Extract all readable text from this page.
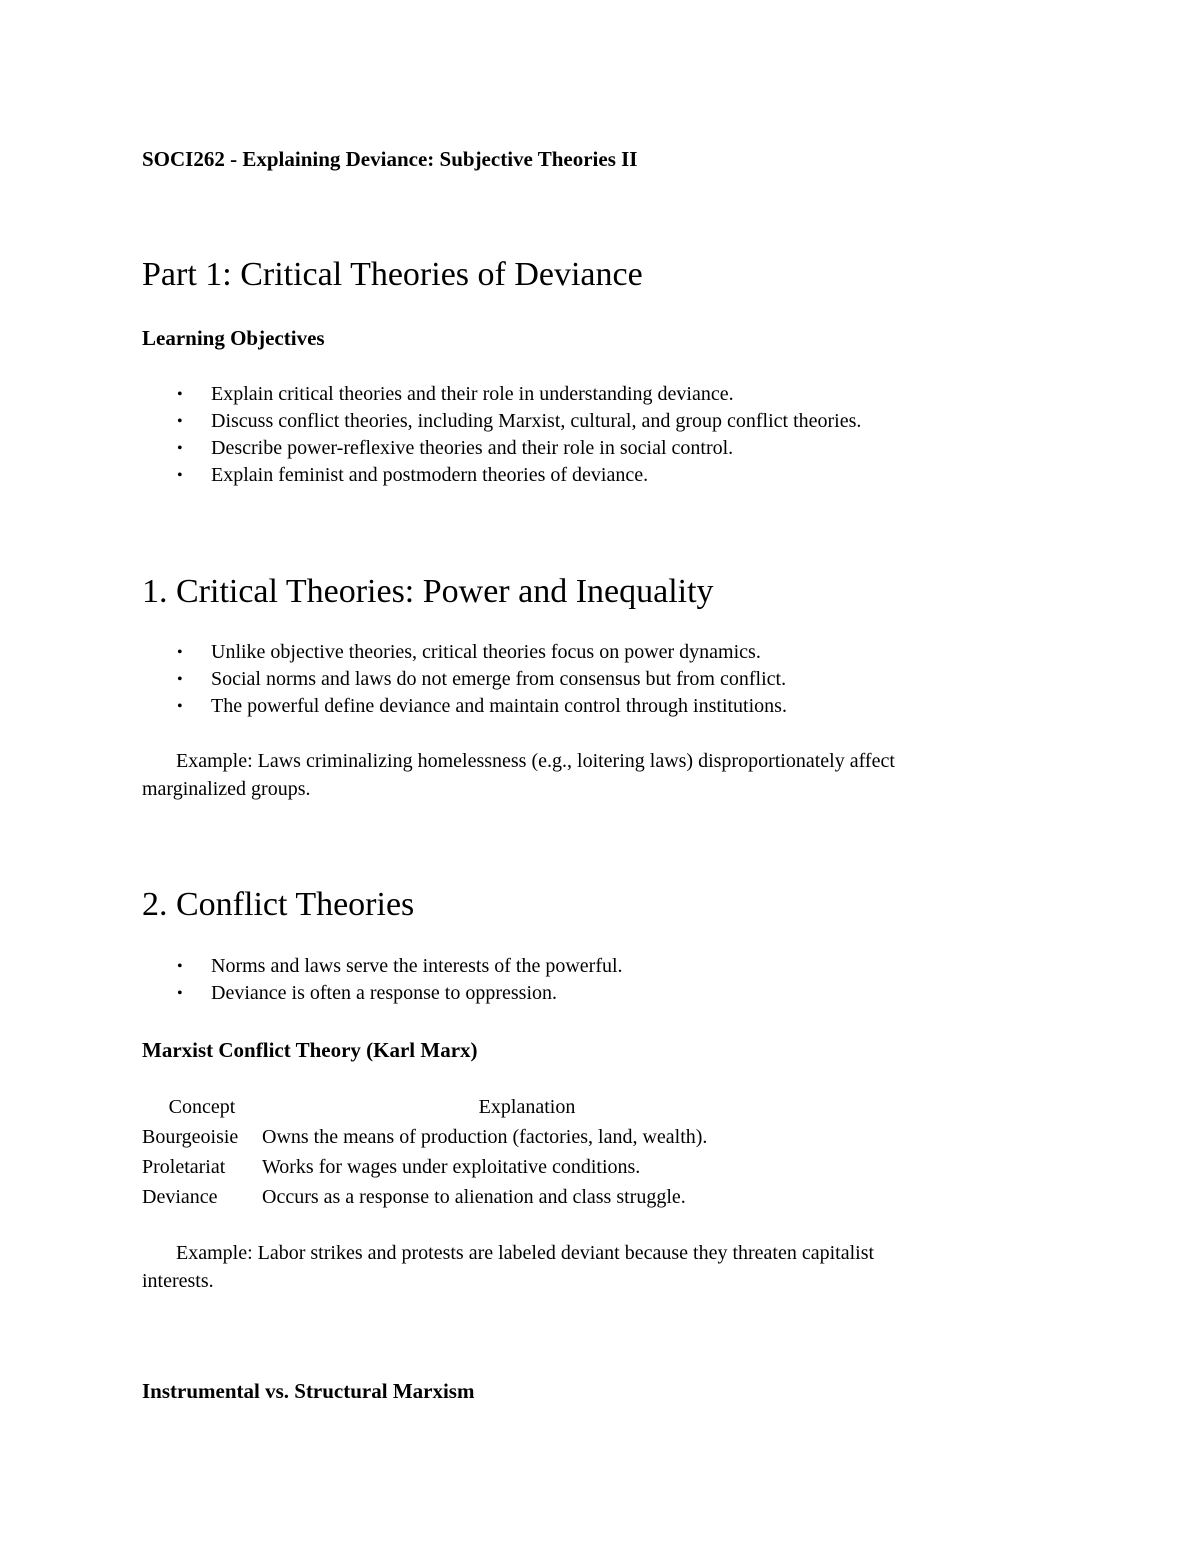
SOCI262 - Explaining Deviance: Subjective Theories II
Part 1: Critical Theories of Deviance
Learning Objectives
• Explain critical theories and their role in understanding deviance.
• Discuss conflict theories, including Marxist, cultural, and group conflict theories.
• Describe power-reflexive theories and their role in social control.
• Explain feminist and postmodern theories of deviance.
1. Critical Theories: Power and Inequality
• Unlike objective theories, critical theories focus on power dynamics.
• Social norms and laws do not emerge from consensus but from conflict.
• The powerful define deviance and maintain control through institutions.

Example: Laws criminalizing homelessness (e.g., loitering laws) disproportionately affect
marginalized groups.

2. Conflict Theories
• Norms and laws serve the interests of the powerful.
• Deviance is often a response to oppression.
Marxist Conflict Theory (Karl Marx)
Concept	Explanation
Bourgeoisie	Owns the means of production (factories, land, wealth).
Proletariat	Works for wages under exploitative conditions.
Deviance	Occurs as a response to alienation and class struggle.

Example: Labor strikes and protests are labeled deviant because they threaten capitalist
interests.

Instrumental vs. Structural Marxism
